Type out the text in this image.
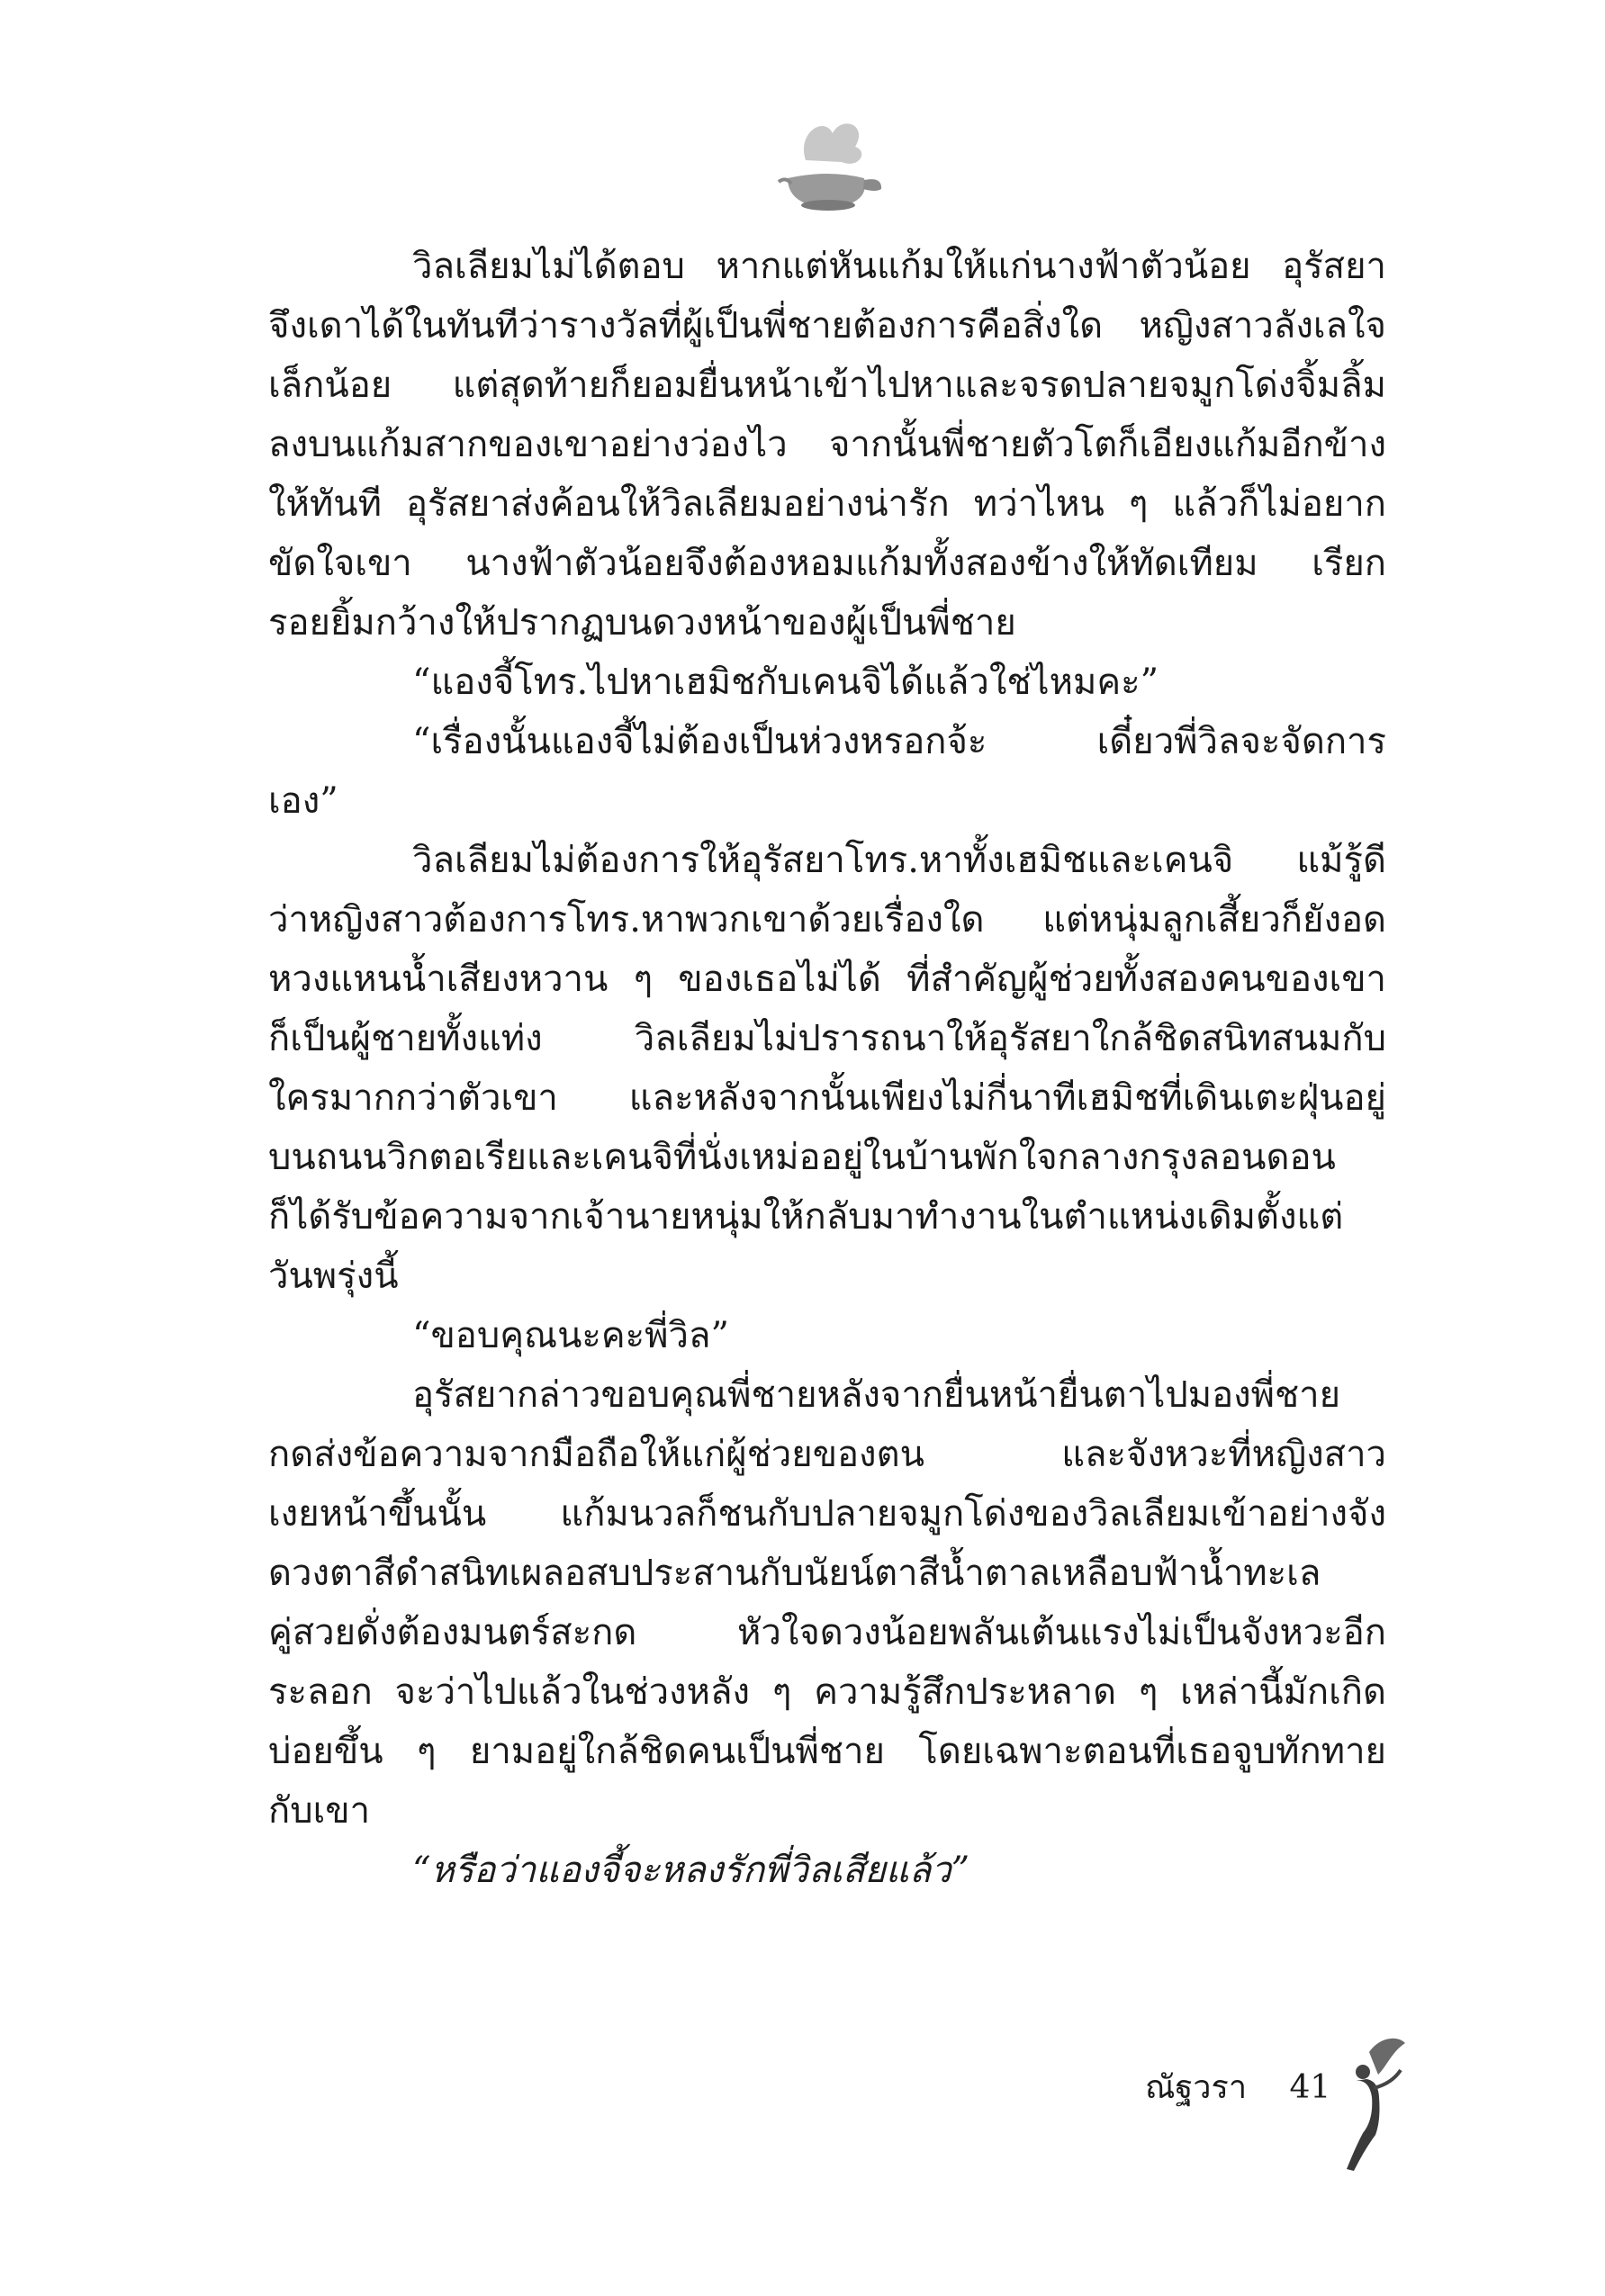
วิลเลียมไม่ได้ตอบ หากแต่หันแก้มให้แก่นางฟ้าตัวน้อย อุรัสยา
จึงเดาได้ในทันทีว่ารางวัลที่ผู้เป็นพี่ชายต้องการคือสิ่งใด หญิงสาวลังเลใจ
เล็กน้อย แต่สุดท้ายก็ยอมยื่นหน้าเข้าไปหาและจรดปลายจมูกโด่งจิ้มลิ้ม
ลงบนแก้มสากของเขาอย่างว่องไว จากนั้นพี่ชายตัวโตก็เอียงแก้มอีกข้าง
ให้ทันที อุรัสยาส่งค้อนให้วิลเลียมอย่างน่ารัก ทว่าไหน ๆ แล้วก็ไม่อยาก
ขัดใจเขา นางฟ้าตัวน้อยจึงต้องหอมแก้มทั้งสองข้างให้ทัดเทียม เรียก
รอยยิ้มกว้างให้ปรากฏบนดวงหน้าของผู้เป็นพี่ชาย
“แองจี้โทร.ไปหาเฮมิชกับเคนจิได้แล้วใช่ไหมคะ”
“เรื่องนั้นแองจี้ไม่ต้องเป็นห่วงหรอกจ้ะ เดี๋ยวพี่วิลจะจัดการ
เอง”
วิลเลียมไม่ต้องการให้อุรัสยาโทร.หาทั้งเฮมิชและเคนจิ แม้รู้ดี
ว่าหญิงสาวต้องการโทร.หาพวกเขาด้วยเรื่องใด แต่หนุ่มลูกเสี้ยวก็ยังอด
หวงแหนน้ำเสียงหวาน ๆ ของเธอไม่ได้ ที่สำคัญผู้ช่วยทั้งสองคนของเขา
ก็เป็นผู้ชายทั้งแท่ง วิลเลียมไม่ปรารถนาให้อุรัสยาใกล้ชิดสนิทสนมกับ
ใครมากกว่าตัวเขา และหลังจากนั้นเพียงไม่กี่นาทีเฮมิชที่เดินเตะฝุ่นอยู่
บนถนนวิกตอเรียและเคนจิที่นั่งเหม่ออยู่ในบ้านพักใจกลางกรุงลอนดอน
ก็ได้รับข้อความจากเจ้านายหนุ่มให้กลับมาทำงานในตำแหน่งเดิมตั้งแต่
วันพรุ่งนี้
“ขอบคุณนะคะพี่วิล”
อุรัสยากล่าวขอบคุณพี่ชายหลังจากยื่นหน้ายื่นตาไปมองพี่ชาย
กดส่งข้อความจากมือถือให้แก่ผู้ช่วยของตน และจังหวะที่หญิงสาว
เงยหน้าขึ้นนั้น แก้มนวลก็ชนกับปลายจมูกโด่งของวิลเลียมเข้าอย่างจัง
ดวงตาสีดำสนิทเผลอสบประสานกับนัยน์ตาสีน้ำตาลเหลือบฟ้าน้ำทะเล
คู่สวยดั่งต้องมนตร์สะกด หัวใจดวงน้อยพลันเต้นแรงไม่เป็นจังหวะอีก
ระลอก จะว่าไปแล้วในช่วงหลัง ๆ ความรู้สึกประหลาด ๆ เหล่านี้มักเกิด
บ่อยขึ้น ๆ ยามอยู่ใกล้ชิดคนเป็นพี่ชาย โดยเฉพาะตอนที่เธอจูบทักทาย
กับเขา
“หรือว่าแองจี้จะหลงรักพี่วิลเสียแล้ว”
ณัฐวรา 41
